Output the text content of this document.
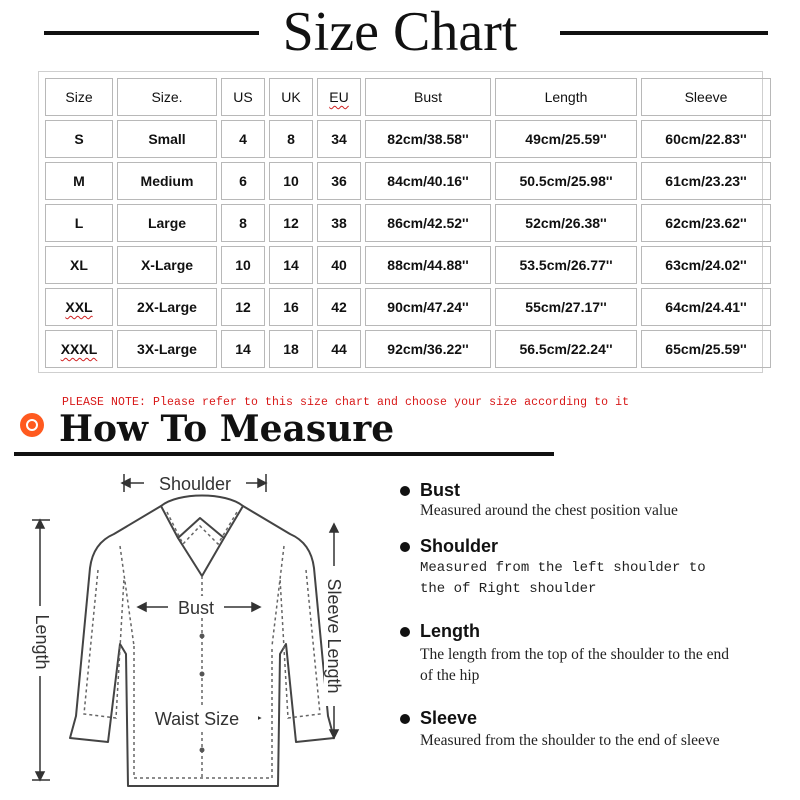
Size Chart
Size	Size.	US	UK	EU	Bust	Length	Sleeve
S	Small	4	8	34	82cm/38.58''	49cm/25.59''	60cm/22.83''
M	Medium	6	10	36	84cm/40.16''	50.5cm/25.98''	61cm/23.23''
L	Large	8	12	38	86cm/42.52''	52cm/26.38''	62cm/23.62''
XL	X-Large	10	14	40	88cm/44.88''	53.5cm/26.77''	63cm/24.02''
XXL	2X-Large	12	16	42	90cm/47.24''	55cm/27.17''	64cm/24.41''
XXXL	3X-Large	14	18	44	92cm/36.22''	56.5cm/22.24''	65cm/25.59''
PLEASE NOTE: Please refer to this size chart and choose your size according to it
How To Measure
Shoulder
Bust
Length	Sleeve Length
Waist Size
Bust
Measured around the chest position value
Shoulder
Measured from the left shoulder to the of Right shoulder
Length
The length from the top of the shoulder to the end of the hip
Sleeve
Measured from the shoulder to the end of sleeve
